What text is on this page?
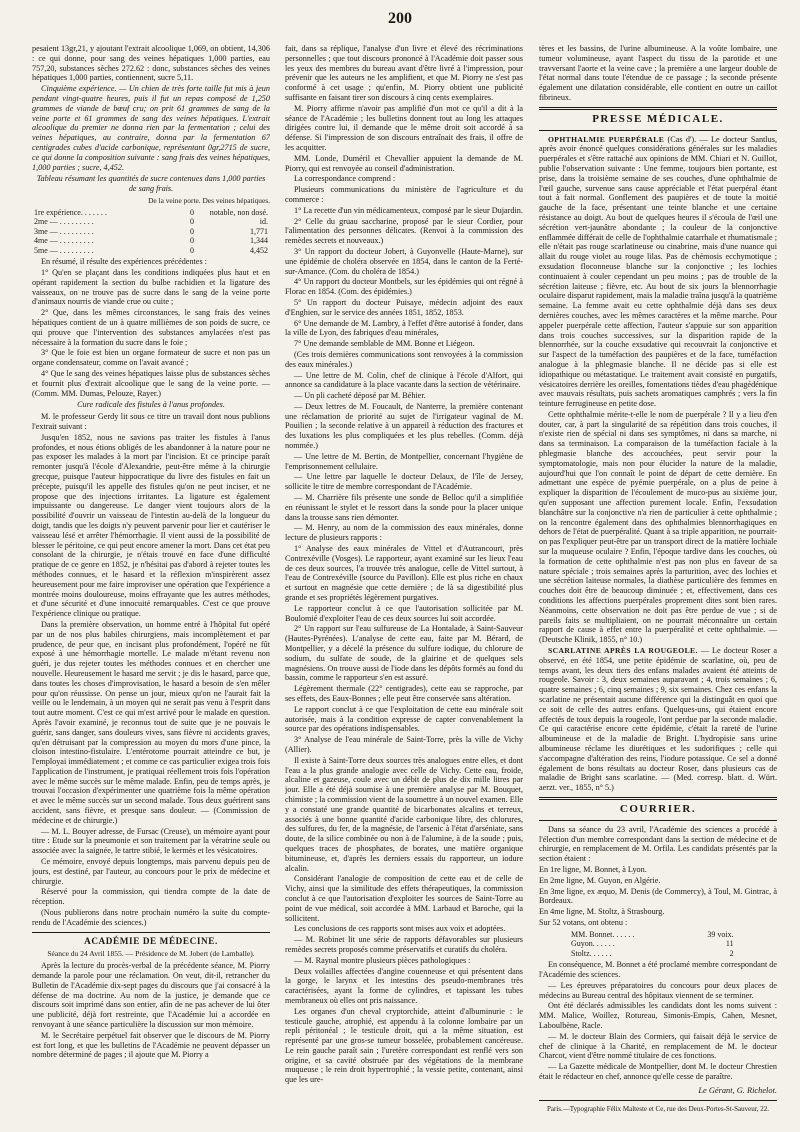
200

pesaient 13gr,21, y ajoutant l'extrait alcoolique 1,069, on obtient, 14,306 : ce qui donne, pour sang des veines hépatiques 1,000 parties, eau 757,20, substances sèches 272.62 : donc, substances sèches des veines hépatiques 1,000 parties, contiennent, sucre 5,11.

Cinquième expérience. — Un chien de très forte taille fut mis à jeun pendant vingt-quatre heures, puis il fut un repas composé de 1,250 grammes de viande de bœuf cru; on prit 61 grammes de sang de la veine porte et 61 grammes de sang des veines hépatiques. L'extrait alcoolique du premier ne donna rien par la fermentation ; celui des veines hépatiques, au contraire, donna par la fermentation 67 centigrades cubes d'acide carbonique, représentant 0gr,2715 de sucre, ce qui donne la composition suivante : sang frais des veines hépatiques, 1,000 parties ; sucre, 4,452.

Tableau résumant les quantités de sucre contenues dans 1,000 parties de sang frais.
De la veine porte. Des veines hépatiques.
1re expérience. . . . . . .	0	notable, non dosé.
2me — . . . . . . . . .	0	id.
3me — . . . . . . . . .	0	1,771
4me — . . . . . . . . .	0	1,344
5me — . . . . . . . . .	0	4,452

En résumé, il résulte des expériences précédentes :

1° Qu'en se plaçant dans les conditions indiquées plus haut et en opérant rapidement la section du bulbe rachidien et la ligature des vaisseaux, on ne trouve pas de sucre dans le sang de la veine porte d'animaux nourris de viande crue ou cuite ;

2° Que, dans les mêmes circonstances, le sang frais des veines hépatiques contient de un à quatre millièmes de son poids de sucre, ce qui prouve que l'intervention des substances amylacées n'est pas nécessaire à la formation du sucre dans le foie ;

3° Que le foie est bien un organe formateur de sucre et non pas un organe condensateur, comme on l'avait avancé ;

4° Que le sang des veines hépatiques laisse plus de substances sèches et fournit plus d'extrait alcoolique que le sang de la veine porte. — (Comm. MM. Dumas, Pelouze, Rayer.)

Cure radicale des fistules à l'anus profondes.

M. le professeur Gerdy lit sous ce titre un travail dont nous publions l'extrait suivant :

Jusqu'en 1852, nous ne savions pas traiter les fistules à l'anus profondes, et nous étions obligés de les abandonner à la nature pour ne pas exposer les malades à la mort par l'incision. Et ce principe paraît remonter jusqu'à l'école d'Alexandrie, peut-être même à la chirurgie grecque, puisque l'auteur hippocratique du livre des fistules en fait un précepte, puisqu'il les appelle des fistules qu'on ne peut inciser, et ne propose que des injections irritantes. La ligature est également impuissante ou dangereuse. Le danger vient toujours alors de la possibilité d'ouvrir un vaisseau de l'intestin au-delà de la longueur du doigt, tandis que les doigts n'y peuvent parvenir pour lier et cautériser le vaisseau lésé et arrêter l'hémorrhagie. Il vient aussi de la possibilité de blesser le péritoine, ce qui peut encore amener la mort. Dans cet état peu consolant de la chirurgie, je n'étais trouvé en face d'une difficulté pratique de ce genre en 1852, je n'hésitai pas d'abord à rejeter toutes les méthodes connues, et le hasard et la réflexion m'inspirèrent assez heureusement pour me faire improviser une opération que l'expérience a montrée moins douloureuse, moins effrayante que les autres méthodes, et d'une sécurité et d'une innocuité remarquables. C'est ce que prouve l'expérience clinique ou pratique.

Dans la première observation, un homme entré à l'hôpital fut opéré par un de nos plus habiles chirurgiens, mais incomplètement et par prudence, de peur que, en incisant plus profondément, l'opéré ne fût exposé à une hémorrhagie mortelle. Le malade m'étant revenu non guéri, je dus rejeter toutes les méthodes connues et en chercher une nouvelle. Heureusement le hasard me servit ; je dis le hasard, parce que, dans toutes les choses d'improvisation, le hasard a besoin de s'en mêler pour qu'on réussisse. On pense un jour, mieux qu'on ne l'aurait fait la veille ou le lendemain, à un moyen qui ne serait pas venu à l'esprit dans tout autre moment. C'est ce qui m'est arrivé pour le malade en question. Après l'avoir examiné, je reconnus tout de suite que je ne pouvais le guérir, sans danger, sans douleurs vives, sans fièvre ni accidents graves, qu'en détruisant par la compression au moyen du mors d'une pince, la cloison intestino-fistulaire. L'entérotome pourrait atteindre ce but, je l'employai immédiatement ; et comme ce cas particulier exigea trois fois l'application de l'instrument, je pratiquai réellement trois fois l'opération avec le même succès sur le même malade. Enfin, peu de temps après, je trouvai l'occasion d'expérimenter une quatrième fois la même opération et avec le même succès sur un second malade. Tous deux guérirent sans accident, sans fièvre, et presque sans douleur. — (Commission de médecine et de chirurgie.)

— M. L. Bouyer adresse, de Fursac (Creuse), un mémoire ayant pour titre : Etude sur la pneumonie et son traitement par la vératrine seule ou associée avec la saignée, le tartre stibié, le kermès et les vésicatoires.

Ce mémoire, envoyé depuis longtemps, mais parvenu depuis peu de jours, est destiné, par l'auteur, au concours pour le prix de médecine et chirurgie.

Réservé pour la commission, qui tiendra compte de la date de réception.

(Nous publierons dans notre prochain numéro la suite du compte-rendu de l'Académie des sciences.)

ACADÉMIE DE MÉDECINE.
Séance du 24 Avril 1855. — Présidence de M. Jobert (de Lamballe).

Après la lecture du procès-verbal de la précédente séance, M. Piorry demande la parole pour une réclamation. On veut, dit-il, retrancher du Bulletin de l'Académie dix-sept pages du discours que j'ai consacré à la défense de ma doctrine. Au nom de la justice, je demande que ce discours soit imprimé dans son entier, afin de ne pas achever de lui ôter une publicité, déjà fort restreinte, que l'Académie lui a accordée en renvoyant à une séance particulière la discussion sur mon mémoire.

M. le Secrétaire perpétuel fait observer que le discours de M. Piorry est fort long, et que les bulletins de l'Académie ne peuvent dépasser un nombre déterminé de pages ; il ajoute que M. Piorry a

fait, dans sa réplique, l'analyse d'un livre et élevé des récriminations personnelles ; que tout discours prononcé à l'Académie doit passer sous les yeux des membres du bureau avant d'être livré à l'impression, pour prévenir que les auteurs ne les amplifient, et que M. Piorry ne s'est pas conformé à cet usage ; qu'enfin, M. Piorry obtient une publicité suffisante en faisant tirer son discours à cinq cents exemplaires.

M. Piorry affirme n'avoir pas amplifié d'un mot ce qu'il a dit à la séance de l'Académie ; les bulletins donnent tout au long les attaques dirigées contre lui, il demande que le même droit soit accordé à sa défense. Si l'impression de son discours entraînait des frais, il offre de les acquitter.

MM. Londe, Duméril et Chevallier appuient la demande de M. Piorry, qui est renvoyée au conseil d'administration.

La correspondance comprend :

Plusieurs communications du ministère de l'agriculture et du commerce :

1° La recette d'un vin médicamenteux, composé par le sieur Dujardin.

2° Celle du gruau saccharine, proposé par le sieur Cordier, pour l'alimentation des personnes délicates. (Renvoi à la commission des remèdes secrets et nouveaux.)

3° Un rapport du docteur Jobert, à Guyonvelle (Haute-Marne), sur une épidémie de choléra observée en 1854, dans le canton de la Ferté-sur-Amance. (Com. du choléra de 1854.)

4° Un rapport du docteur Montbels, sur les épidémies qui ont régné à Florac en 1854. (Com. des épidémies.)

5° Un rapport du docteur Puisaye, médecin adjoint des eaux d'Enghien, sur le service des années 1851, 1852, 1853.

6° Une demande de M. Lambry, à l'effet d'être autorisé à fonder, dans la ville de Lyon, des fabriques d'eau minérales,

7° Une demande semblable de MM. Bonne et Liégeon.

(Ces trois dernières communications sont renvoyées à la commission des eaux minérales.)

— Une lettre de M. Colin, chef de clinique à l'école d'Alfort, qui annonce sa candidature à la place vacante dans la section de vétérinaire.

— Un pli cacheté déposé par M. Béhier.

— Deux lettres de M. Foucault, de Nanterre, la première contenant une réclamation de priorité au sujet de l'irrigateur vaginal de M. Pouilien ; la seconde relative à un appareil à réduction des fractures et des luxations les plus compliquées et les plus rebelles. (Comm. déjà nommée.)

— Une lettre de M. Bertin, de Montpellier, concernant l'hygiène de l'emprisonnement cellulaire.

— Une lettre par laquelle le docteur Delaux, de l'île de Jersey, sollicite le titre de membre correspondant de l'Académie.

— M. Charrière fils présente une sonde de Belloc qu'il a simplifiée en réunissant le stylet et le ressort dans la sonde pour la placer unique dans la trousse sans rien démonter.

— M. Henry, au nom de la commission des eaux minérales, donne lecture de plusieurs rapports :

1° Analyse des eaux minérales de Vittel et d'Autrancourt, près Contrexéville (Vosges). Le rapporteur, ayant examiné sur les lieux l'eau de ces deux sources, l'a trouvée très analogue, celle de Vittel surtout, à l'eau de Contrexéville (source du Pavillon). Elle est plus riche en chaux et surtout en magnésie que cette dernière ; de là sa digestibilité plus grande et ses propriétés légèrement purgatives.

Le rapporteur conclut à ce que l'autorisation sollicitée par M. Boulomié d'exploiter l'eau de ces deux sources lui soit accordée.

2° Un rapport sur l'eau sulfureuse de La Hontalade, à Saint-Sauveur (Hautes-Pyrénées). L'analyse de cette eau, faite par M. Bérard, de Montpellier, y a décelé la présence du sulfure iodique, du chlorure de sodium, du sulfate de soude, de la glairine et de quelques sels magnésiens. On trouve aussi de l'iode dans les dépôts formés au fond du bassin, comme le rapporteur s'en est assuré.

Légèrement thermale (22° centigrades), cette eau se rapproche, par ses effets, des Eaux-Bonnes ; elle peut être conservée sans altération.

Le rapport conclut à ce que l'exploitation de cette eau minérale soit autorisée, mais à la condition expresse de capter convenablement la source par des opérations indispensables.

3° Analyse de l'eau minérale de Saint-Torre, près la ville de Vichy (Allier).

Il existe à Saint-Torre deux sources très analogues entre elles, et dont l'eau a la plus grande analogie avec celle de Vichy. Cette eau, froide, alcaline et gazeuse, coule avec un débit de plus de dix mille litres par jour. Elle a été déjà soumise à une première analyse par M. Bouquet, chimiste ; la commission vient de la soumettre à un nouvel examen. Elle y a constaté une grande quantité de bicarbonates alcalins et terreux, associés à une bonne quantité d'acide carbonique libre, des chlorures, des sulfures, du fer, de la magnésie, de l'arsenic à l'état d'arséniate, sans doute, de la silice combinée ou non à de l'alumine, à de la soude ; puis, quelques traces de phosphates, de borates, une matière organique bitumineuse, et, d'après les derniers essais du rapporteur, un iodure alcalin.

Considérant l'analogie de composition de cette eau et de celle de Vichy, ainsi que la similitude des effets thérapeutiques, la commission conclut à ce que l'autorisation d'exploiter les sources de Saint-Torre au point de vue médical, soit accordée à MM. Larbaud et Baroche, qui la sollicitent.

Les conclusions de ces rapports sont mises aux voix et adoptées.

— M. Robinet lit une série de rapports défavorables sur plusieurs remèdes secrets proposés comme préservatifs et curatifs du choléra.

— M. Raynal montre plusieurs pièces pathologiques :

Deux volailles affectées d'angine couenneuse et qui présentent dans la gorge, le larynx et les intestins des pseudo-membranes très caractérisées, ayant la forme de cylindres, et tapissant les tubes membraneux où elles ont pris naissance.

Les organes d'un cheval cryptorchide, atteint d'albuminurie : le testicule gauche, atrophié, est appendu à la colonne lombaire par un repli péritonéal ; le testicule droit, qui a la même situation, est représenté par une gros-se tumeur bosselée, probablement cancéreuse. Le rein gauche paraît sain ; l'uretère correspondant est renflé vers son origine, et sa cavité obstruée par des végétations de la membrane muqueuse ; le rein droit hypertrophié ; la vessie petite, contenant, ainsi que les ure-

tères et les bassins, de l'urine albumineuse. A la voûte lombaire, une tumeur volumineuse, ayant l'aspect du tissu de la parotide et une travversant l'aorte et la veine cave ; la première a une largeur double de l'état normal dans toute l'étendue de ce passage ; la seconde présente également une dilatation considérable, elle contient en outre un caillot fibrineux.

PRESSE MÉDICALE.

OPHTHALMIE PUERPÉRALE (Cas d'). — Le docteur Santlus, après avoir énoncé quelques considérations générales sur les maladies puerpérales et s'être rattaché aux opinions de MM. Chiari et N. Guillot, publie l'observation suivante : Une femme, toujours bien portante, est prise, dans la troisième semaine de ses couches, d'une ophthalmie de l'œil gauche, survenue sans cause appréciable et l'état puerpéral étant tout à fait normal. Gonflement des paupières et de toute la moitié gauche de la face, présentant une teinte blanche et une certaine résistance au doigt. Au bout de quelques heures il s'écoula de l'œil une sécrétion vert-jaunâtre abondante ; la couleur de la conjonctive enflammée différait de celle de l'ophthalmie catarrhale et rhumatismale ; elle n'était pas rouge scarlatineuse ou cinabrine, mais d'une nuance qui allait du rouge violet au rouge lilas. Pas de chémosis ecchymotique ; exsudation floconneuse blanche sur la conjonctive ; les lochies continuaient à couler cependant un peu moins ; pas de trouble de la sécrétion laiteuse ; fièvre, etc. Au bout de six jours la blennorrhagie oculaire disparut rapidement, mais la maladie traîna jusqu'à la quatrième semaine. La femme avait eu cette ophthalmie déjà dans ses deux dernières couches, avec les mêmes caractères et la même marche. Pour appeler puerpérale cette affection, l'auteur s'appuie sur son apparition dans trois couches successives, sur la disparition rapide de la blennorrhée, sur la couche exsudative qui recouvrait la conjonctive et sur l'aspect de la tuméfaction des paupières et de la face, tuméfaction analogue à la phlegmasie blanche. Il ne décide pas si elle est idiopathique ou métastatique. Le traitement avait consisté en purgatifs, vésicatoires derrière les oreilles, fomentations tièdes d'eau phagédénique avec mauvais résultats, puis sachets aromatiques camphrés ; vers la fin teinture ferrugineuse en petite dose.

Cette ophthalmie mérite-t-elle le nom de puerpérale ? Il y a lieu d'en douter, car, à part la singularité de sa répétition dans trois couches, il n'existe rien de spécial ni dans ses symptômes, ni dans sa marche, ni dans sa terminaison. La comparaison de la tuméfaction faciale à la phlegmasie blanche des accouchées, peut servir pour la symptomatologie, mais non pour élucider la nature de la maladie, aujourd'hui que l'on connaît le point de départ de cette dernière. En admettant une espèce de pyémie puerpérale, on a plus de peine à expliquer la disparition de l'écoulement de muco-pus au sixième jour, qu'en supposant une affection purement locale. Enfin, l'exsudation blanchâtre sur la conjonctive n'a rien de particulier à cette ophthalmie ; on la rencontre également dans des ophthalmies blennorrhagiques en dehors de l'état de puerpéralité. Quant à sa triple apparition, ne pourrait-on pas l'expliquer peut-être par un transport direct de la matière lochiale sur la muqueuse oculaire ? Enfin, l'époque tardive dans les couches, où la formation de cette ophthalmie n'est pas non plus en faveur de sa nature spéciale ; trois semaines après la parturition, avec des lochies et une sécrétion laiteuse normales, la diathèse particulière des femmes en couches doit être de beaucoup diminuée ; et, effectivement, dans ces conditions les affections puerpérales proprement dites sont bien rares. Néanmoins, cette observation ne doit pas être perdue de vue ; si de pareils faits se multipliaient, on ne pourrait méconnaître un certain rapport de cause à effet entre la puerpéralité et cette ophthalmie. — (Deutsche Klinik, 1855, n° 10.)

SCARLATINE APRÈS LA ROUGEOLE. — Le docteur Roser a observé, en été 1854, une petite épidémie de scarlatine, où, peu de temps avant, les deux tiers des enfans malades avaient été atteints de rougeole. Savoir : 3, deux semaines auparavant ; 4, trois semaines ; 6, quatre semaines ; 6, cinq semaines ; 9, six semaines. Chez ces enfans la scarlatine ne présentait aucune différence qui la distinguât en quoi que ce soit de celle des autres enfans. Quelques-uns, qui étaient encore affectés de toux depuis la rougeole, l'ont perdue par la seconde maladie. Ce qui caractérise encore cette épidémie, c'était la rareté de l'urine albumineuse et de la maladie de Bright. L'hydropisie sans urine albumineuse réclame les diurétiques et les sudorifiques ; celle qui s'accompagne d'altération des reins, l'iodure potassique. Ce sel a donné également de bons résultats au docteur Roser, dans plusieurs cas de maladie de Bright sans scarlatine. — (Med. corresp. blatt. d. Würt. aerzt. ver., 1855, n° 5.)

COURRIER.

Dans sa séance du 23 avril, l'Académie des sciences a procédé à l'élection d'un membre correspondant dans la section de médecine et de chirurgie, en remplacement de M. Orfila. Les candidats présentés par la section étaient :

En 1re ligne, M. Bonnet, à Lyon.

En 2me ligne, M. Guyon, en Algérie.

En 3me ligne, ex æquo, M. Denis (de Commercy), à Toul, M. Gintrac, à Bordeaux.

En 4me ligne, M. Stoltz, à Strasbourg.

Sur 52 votans, ont obtenu :

MM. Bonnet. . . . . .	39 voix.
Guyon. . . . . .	11
Stoltz. . . . . .	2

En conséquence, M. Bonnet a été proclamé membre correspondant de l'Académie des sciences.

— Les épreuves préparatoires du concours pour deux places de médecins au Bureau central des hôpitaux viennent de se terminer.

Ont été déclarés admissibles les candidats dont les noms suivent : MM. Malice, Woillez, Rotureau, Simonis-Empis, Cahen, Mesnet, Laboulbène, Racle.

— M. le docteur Blain des Cormiers, qui faisait déjà le service de chef de clinique à la Charité, en remplacement de M. le docteur Charcot, vient d'être nommé titulaire de ces fonctions.

— La Gazette médicale de Montpellier, dont M. le docteur Chrestien était le rédacteur en chef, annonce qu'elle cesse de paraître.

Le Gérant, G. Richelot.
Paris.—Typographie Félix Malteste et Ce, rue des Deux-Portes-St-Sauveur, 22.
